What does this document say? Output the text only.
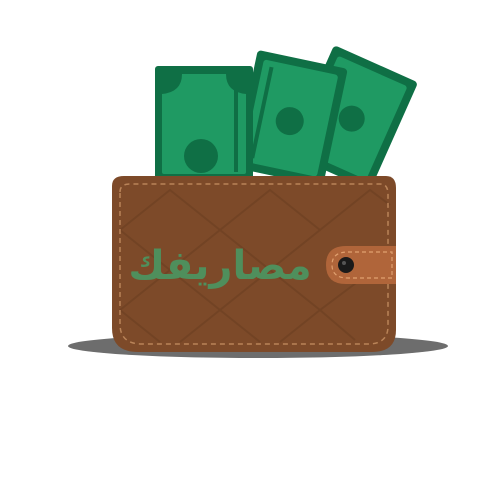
مصاريفك
